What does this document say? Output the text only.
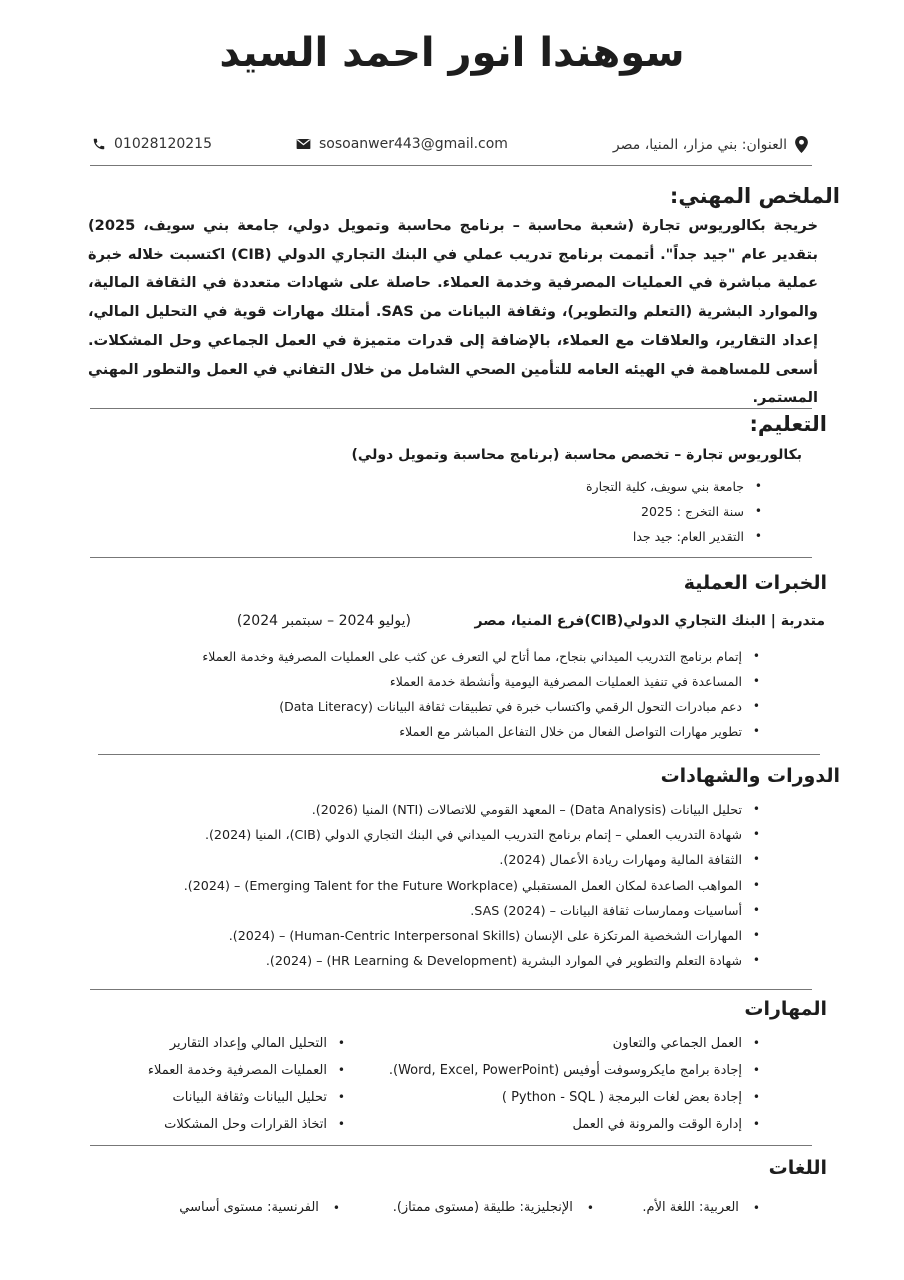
سوهندا انور احمد السيد
01028120215	sosoanwer443@gmail.com	العنوان: بني مزار، المنيا، مصر
الملخص المهني:
خريجة بكالوريوس تجارة (شعبة محاسبة – برنامج محاسبة وتمويل دولي، جامعة بني سويف، 2025) بتقدير عام "جيد جداً". أتممت برنامج تدريب عملي في البنك التجاري الدولي (CIB) اكتسبت خلاله خبرة عملية مباشرة في العمليات المصرفية وخدمة العملاء. حاصلة على شهادات متعددة في الثقافة المالية، والموارد البشرية (التعلم والتطوير)، وثقافة البيانات من SAS. أمتلك مهارات قوية في التحليل المالي، إعداد التقارير، والعلاقات مع العملاء، بالإضافة إلى قدرات متميزة في العمل الجماعي وحل المشكلات. أسعى للمساهمة في الهيئه العامه للتأمين الصحي الشامل من خلال التفاني في العمل والتطور المهني المستمر.
التعليم:
بكالوريوس تجارة – تخصص محاسبة (برنامج محاسبة وتمويل دولي)
• جامعة بني سويف، كلية التجارة
• سنة التخرج : 2025
• التقدير العام: جيد جدا
الخبرات العملية
متدربة | البنك التجاري الدولي(CIB)فرع المنيا، مصر
(يوليو 2024 – سبتمبر 2024)
• إتمام برنامج التدريب الميداني بنجاح، مما أتاح لي التعرف عن كثب على العمليات المصرفية وخدمة العملاء
• المساعدة في تنفيذ العمليات المصرفية اليومية وأنشطة خدمة العملاء
• دعم مبادرات التحول الرقمي واكتساب خبرة في تطبيقات ثقافة البيانات (Data Literacy)
• تطوير مهارات التواصل الفعال من خلال التفاعل المباشر مع العملاء
الدورات والشهادات
• تحليل البيانات (Data Analysis) – المعهد القومي للاتصالات (NTI) المنيا (2026).
• شهادة التدريب العملي – إتمام برنامج التدريب الميداني في البنك التجاري الدولي (CIB)، المنيا (2024).
• الثقافة المالية ومهارات ريادة الأعمال (2024).
• المواهب الصاعدة لمكان العمل المستقبلي (Emerging Talent for the Future Workplace) – (2024).
• أساسيات وممارسات ثقافة البيانات – (2024) SAS.
• المهارات الشخصية المرتكزة على الإنسان (Human-Centric Interpersonal Skills) – (2024).
• شهادة التعلم والتطوير في الموارد البشرية (HR Learning & Development) – (2024).
المهارات
• العمل الجماعي والتعاون
• إجادة برامج مايكروسوفت أوفيس (Word, Excel, PowerPoint).
• إجادة بعض لغات البرمجة ( Python - SQL )
• إدارة الوقت والمرونة في العمل
• التحليل المالي وإعداد التقارير
• العمليات المصرفية وخدمة العملاء
• تحليل البيانات وثقافة البيانات
• اتخاذ القرارات وحل المشكلات
اللغات
•
العربية: اللغة الأم.
•
الإنجليزية: طليقة (مستوى ممتاز).
•
الفرنسية: مستوى أساسي
